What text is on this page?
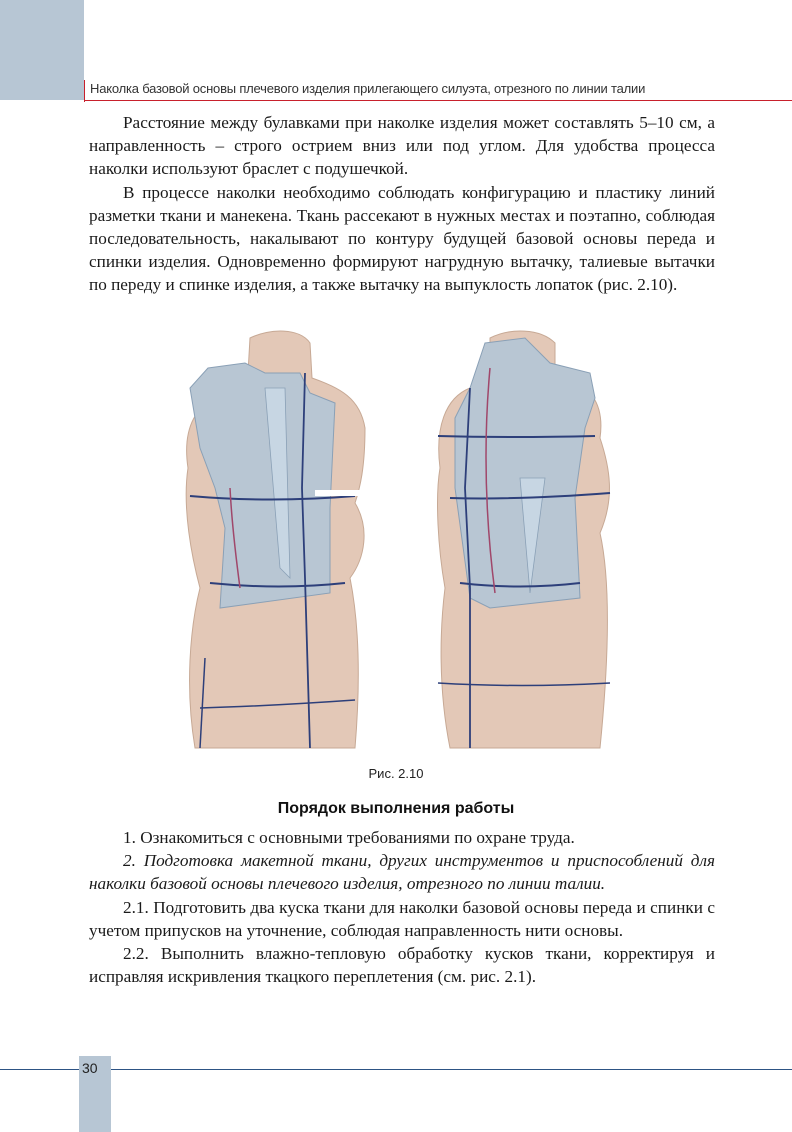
Наколка базовой основы плечевого изделия прилегающего силуэта, отрезного по линии талии

Расстояние между булавками при наколке изделия может составлять 5–10 см, а направленность – строго острием вниз или под углом. Для удобства процесса наколки используют браслет с подушечкой.

В процессе наколки необходимо соблюдать конфигурацию и пластику линий разметки ткани и манекена. Ткань рассекают в нужных местах и поэтапно, соблюдая последовательность, накалывают по контуру будущей базовой основы переда и спинки изделия. Одновременно формируют нагрудную вытачку, талиевые вытачки по переду и спинке изделия, а также вытачку на выпуклость лопаток (рис. 2.10).

Рис. 2.10
Порядок выполнения работы

1. Ознакомиться с основными требованиями по охране труда.

2. Подготовка макетной ткани, других инструментов и приспособлений для наколки базовой основы плечевого изделия, отрезного по линии талии.

2.1. Подготовить два куска ткани для наколки базовой основы переда и спинки с учетом припусков на уточнение, соблюдая направленность нити основы.

2.2. Выполнить влажно-тепловую обработку кусков ткани, корректируя и исправляя искривления ткацкого переплетения (см. рис. 2.1).

30
